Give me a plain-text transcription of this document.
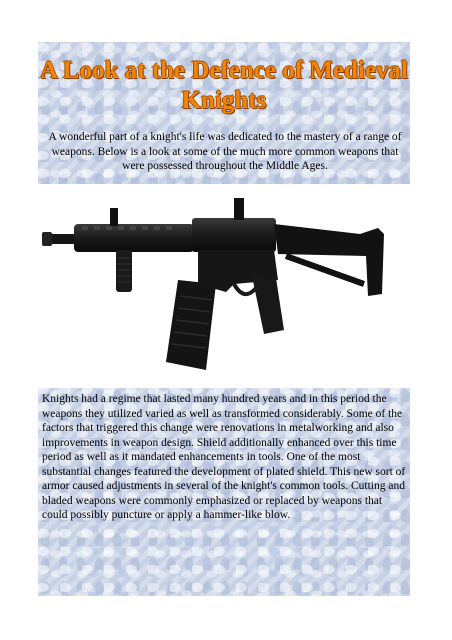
A Look at the Defence of Medieval Knights

A wonderful part of a knight's life was dedicated to the mastery of a range of weapons. Below is a look at some of the much more common weapons that were possessed throughout the Middle Ages.

Knights had a regime that lasted many hundred years and in this period the weapons they utilized varied as well as transformed considerably. Some of the factors that triggered this change were renovations in metalworking and also improvements in weapon design. Shield additionally enhanced over this time period as well as it mandated enhancements in tools. One of the most substantial changes featured the development of plated shield. This new sort of armor caused adjustments in several of the knight's common tools. Cutting and bladed weapons were commonly emphasized or replaced by weapons that could possibly puncture or apply a hammer-like blow.
